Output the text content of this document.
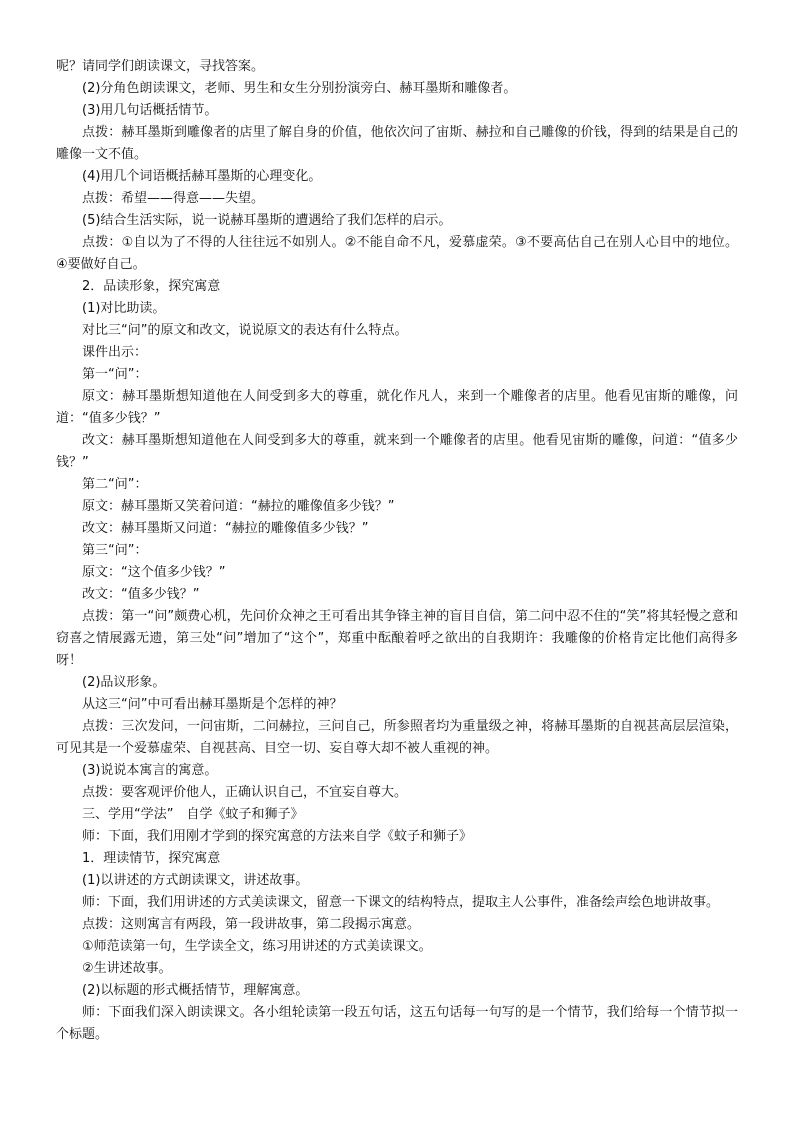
呢？请同学们朗读课文，寻找答案。

(2)分角色朗读课文，老师、男生和女生分别扮演旁白、赫耳墨斯和雕像者。

(3)用几句话概括情节。

点拨：赫耳墨斯到雕像者的店里了解自身的价值，他依次问了宙斯、赫拉和自己雕像的价钱，得到的结果是自己的雕像一文不值。

(4)用几个词语概括赫耳墨斯的心理变化。

点拨：希望——得意——失望。

(5)结合生活实际，说一说赫耳墨斯的遭遇给了我们怎样的启示。

点拨：①自以为了不得的人往往远不如别人。②不能自命不凡，爱慕虚荣。③不要高估自己在别人心目中的地位。④要做好自己。

2．品读形象，探究寓意

(1)对比助读。

对比三“问”的原文和改文，说说原文的表达有什么特点。

课件出示：

第一“问”：

原文：赫耳墨斯想知道他在人间受到多大的尊重，就化作凡人，来到一个雕像者的店里。他看见宙斯的雕像，问道：“值多少钱？”

改文：赫耳墨斯想知道他在人间受到多大的尊重，就来到一个雕像者的店里。他看见宙斯的雕像，问道：“值多少钱？”

第二“问”：

原文：赫耳墨斯又笑着问道：“赫拉的雕像值多少钱？”

改文：赫耳墨斯又问道：“赫拉的雕像值多少钱？”

第三“问”：

原文：“这个值多少钱？”

改文：“值多少钱？”

点拨：第一“问”颇费心机，先问价众神之王可看出其争锋主神的盲目自信，第二问中忍不住的“笑”将其轻慢之意和窃喜之情展露无遗，第三处“问”增加了“这个”，郑重中酝酿着呼之欲出的自我期许：我雕像的价格肯定比他们高得多呀！

(2)品议形象。

从这三“问”中可看出赫耳墨斯是个怎样的神？

点拨：三次发问，一问宙斯，二问赫拉，三问自己，所参照者均为重量级之神，将赫耳墨斯的自视甚高层层渲染，可见其是一个爱慕虚荣、自视甚高、目空一切、妄自尊大却不被人重视的神。

(3)说说本寓言的寓意。

点拨：要客观评价他人，正确认识自己，不宜妄自尊大。

三、学用“学法”　自学《蚊子和狮子》

师：下面，我们用刚才学到的探究寓意的方法来自学《蚊子和狮子》

1．理读情节，探究寓意

(1)以讲述的方式朗读课文，讲述故事。

师：下面，我们用讲述的方式美读课文，留意一下课文的结构特点，提取主人公事件，准备绘声绘色地讲故事。

点拨：这则寓言有两段，第一段讲故事，第二段揭示寓意。

①师范读第一句，生学读全文，练习用讲述的方式美读课文。

②生讲述故事。

(2)以标题的形式概括情节，理解寓意。

师：下面我们深入朗读课文。各小组轮读第一段五句话，这五句话每一句写的是一个情节，我们给每一个情节拟一个标题。
